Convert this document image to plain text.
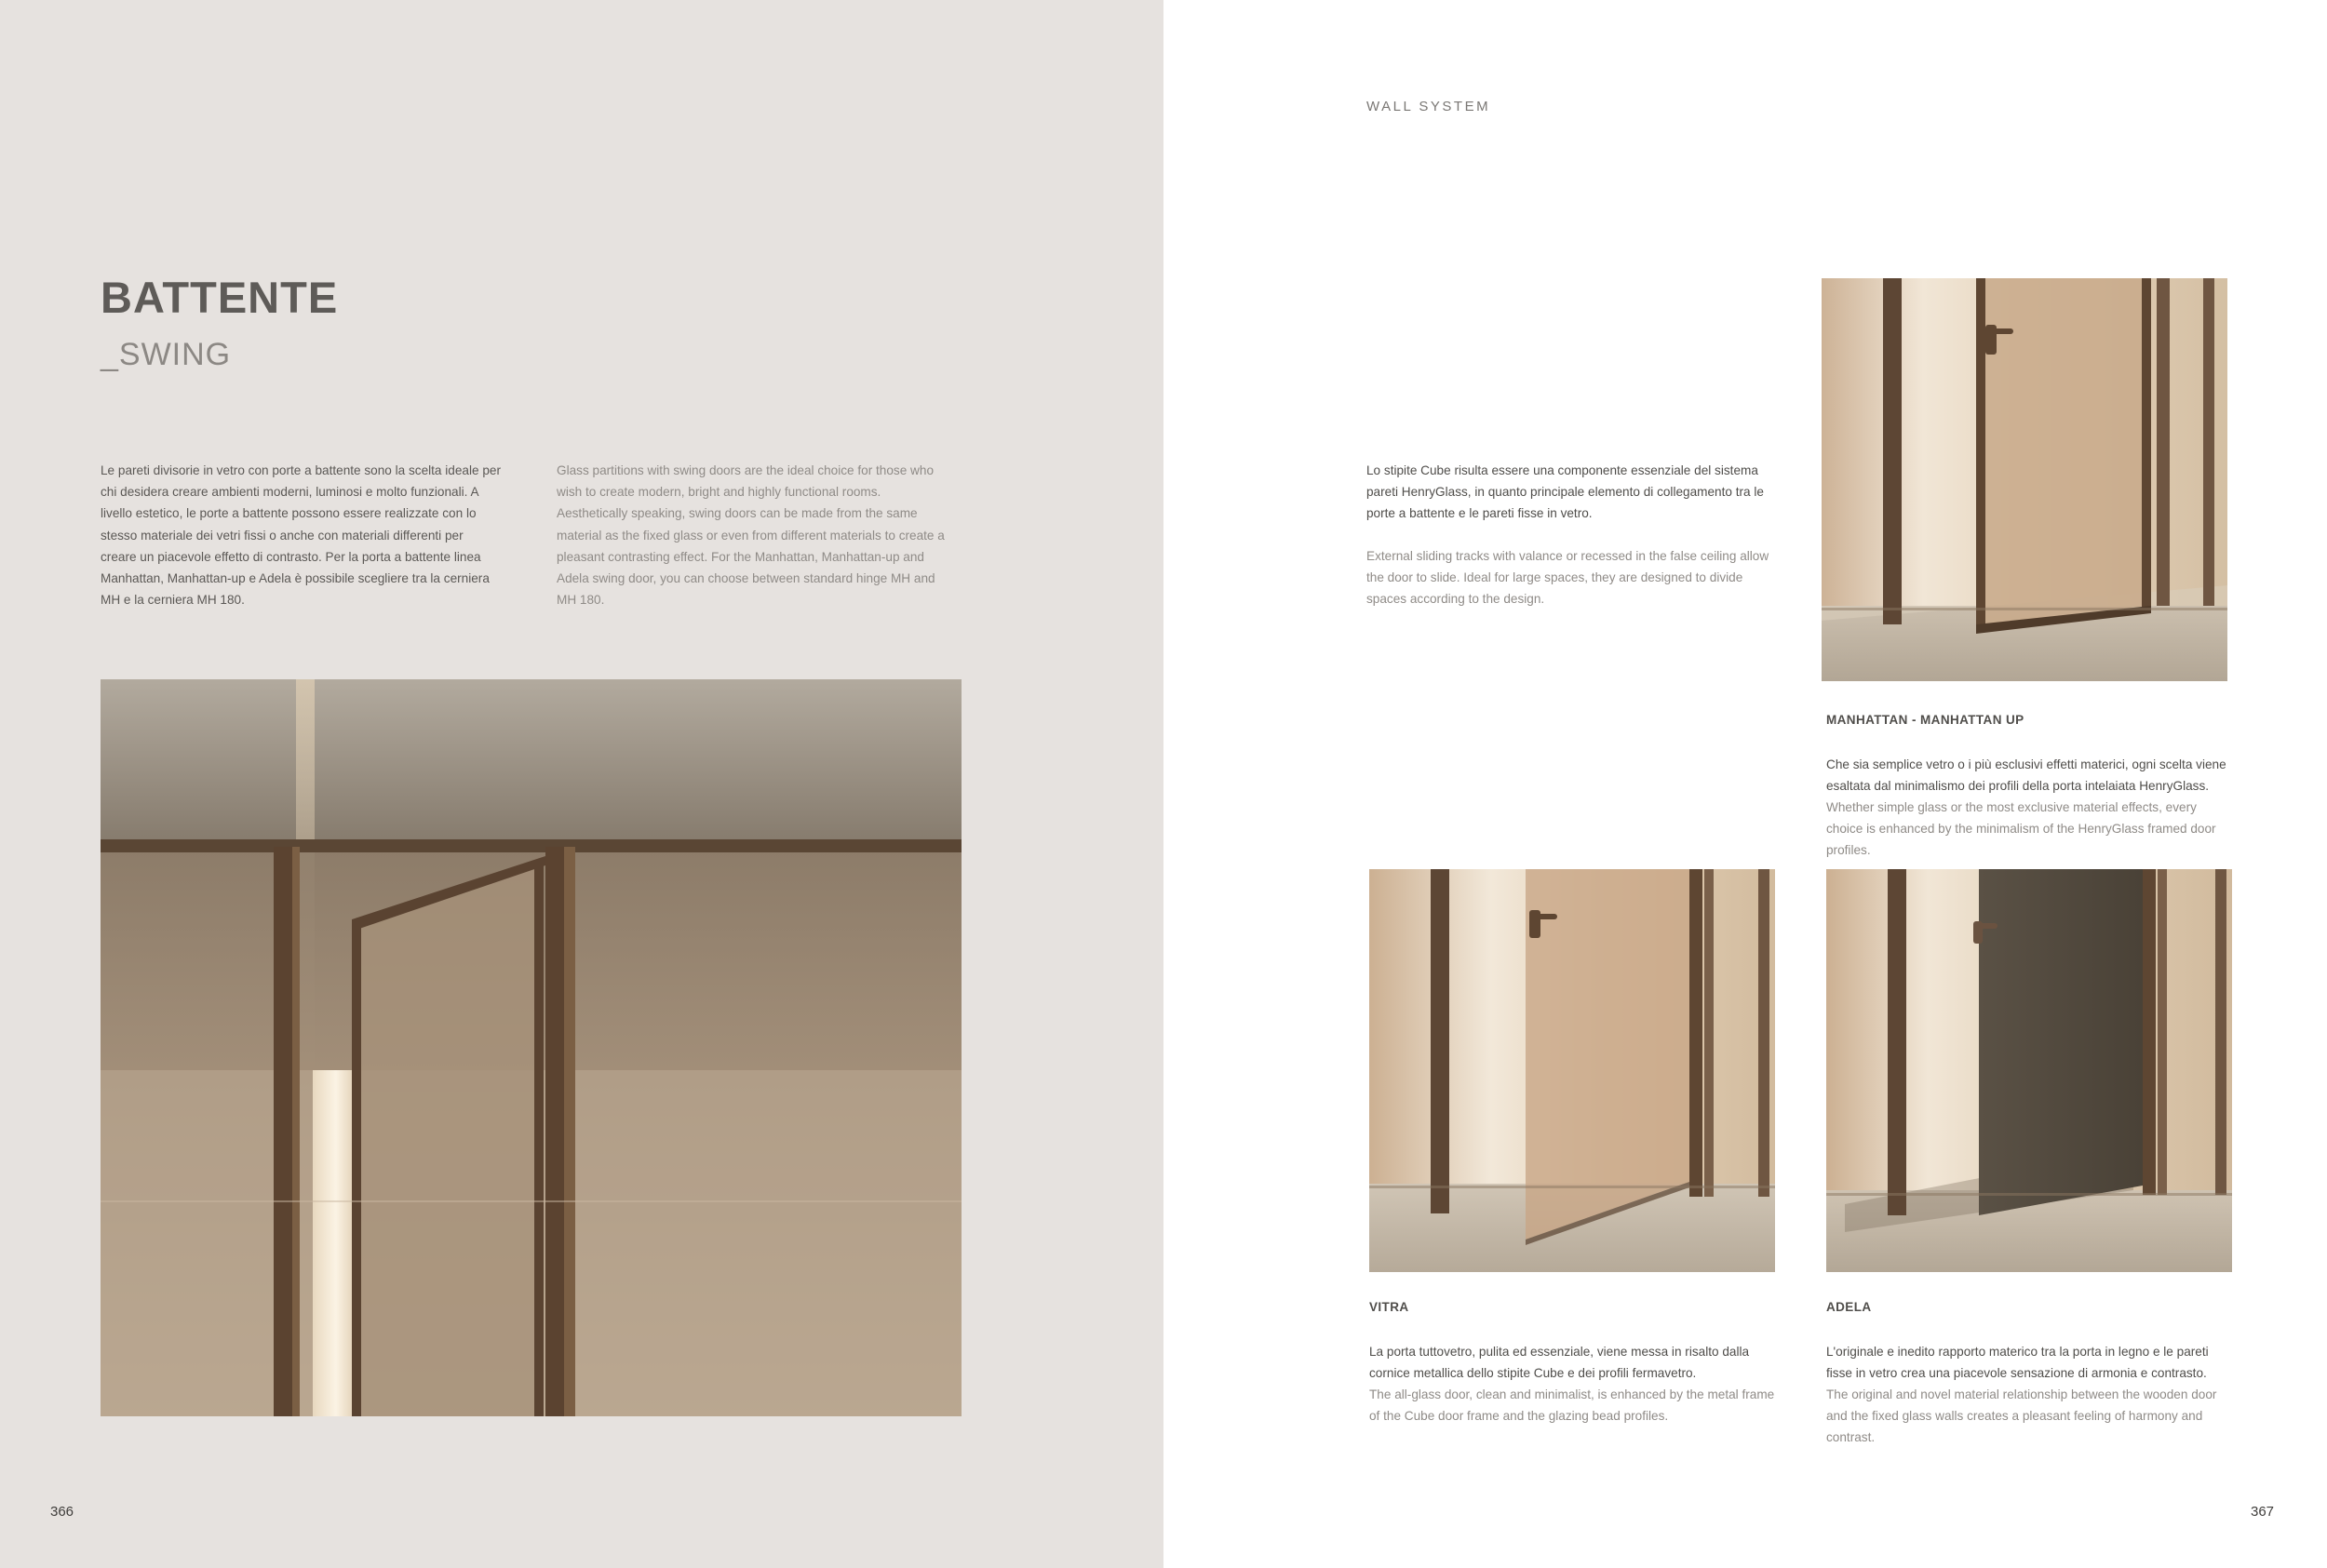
BATTENTE
_SWING

Le pareti divisorie in vetro con porte a battente sono la scelta ideale per chi desidera creare ambienti moderni, luminosi e molto funzionali. A livello estetico, le porte a battente possono essere realizzate con lo stesso materiale dei vetri fissi o anche con materiali differenti per creare un piacevole effetto di contrasto. Per la porta a battente linea Manhattan, Manhattan-up e Adela è possibile scegliere tra la cerniera MH e la cerniera MH 180.

Glass partitions with swing doors are the ideal choice for those who wish to create modern, bright and highly functional rooms. Aesthetically speaking, swing doors can be made from the same material as the fixed glass or even from different materials to create a pleasant contrasting effect. For the Manhattan, Manhattan-up and Adela swing door, you can choose between standard hinge MH and MH 180.

366

WALL SYSTEM

Lo stipite Cube risulta essere una componente essenziale del sistema pareti HenryGlass, in quanto principale elemento di collegamento tra le porte a battente e le pareti fisse in vetro.

External sliding tracks with valance or recessed in the false ceiling allow the door to slide. Ideal for large spaces, they are designed to divide spaces according to the design.

MANHATTAN - MANHATTAN UP

Che sia semplice vetro o i più esclusivi effetti materici, ogni scelta viene esaltata dal minimalismo dei profili della porta intelaiata HenryGlass.

Whether simple glass or the most exclusive material effects, every choice is enhanced by the minimalism of the HenryGlass framed door profiles.

VITRA

La porta tuttovetro, pulita ed essenziale, viene messa in risalto dalla cornice metallica dello stipite Cube e dei profili fermavetro.

The all-glass door, clean and minimalist, is enhanced by the metal frame of the Cube door frame and the glazing bead profiles.

ADELA

L'originale e inedito rapporto materico tra la porta in legno e le pareti fisse in vetro crea una piacevole sensazione di armonia e contrasto.

The original and novel material relationship between the wooden door and the fixed glass walls creates a pleasant feeling of harmony and contrast.

367
